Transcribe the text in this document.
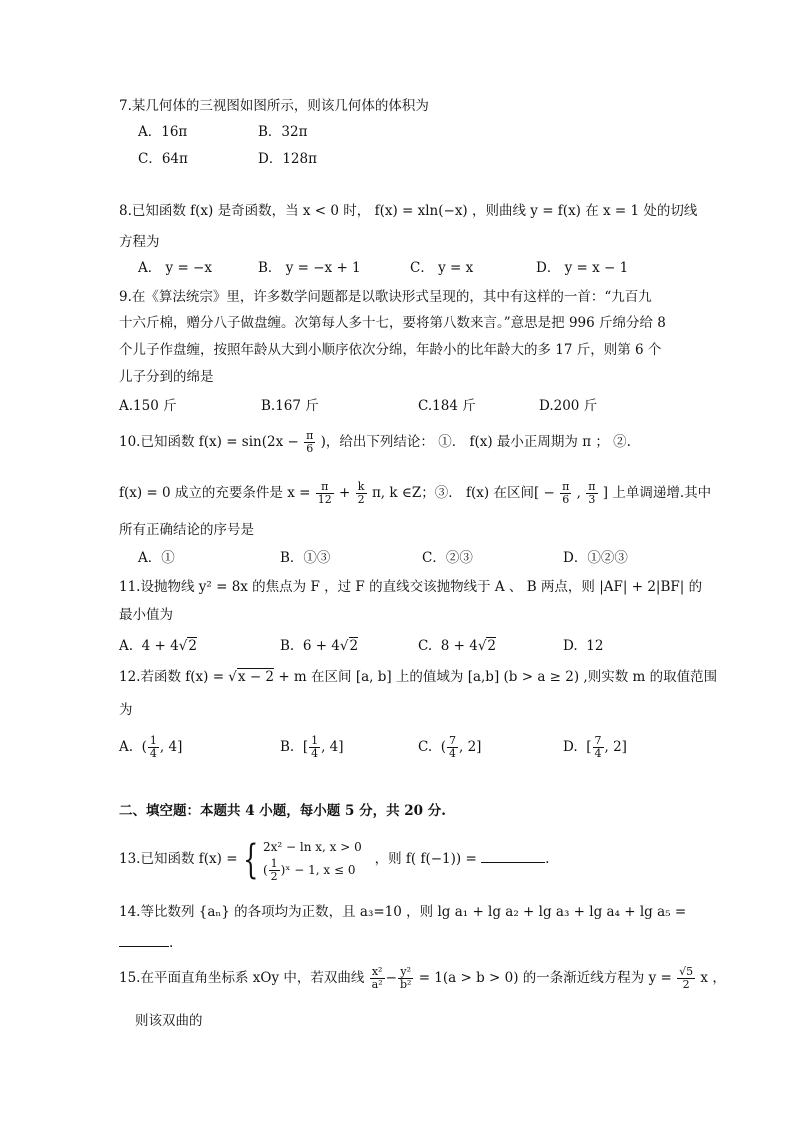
7.某几何体的三视图如图所示，则该几何体的体积为
A．16π	B．32π
C．64π	D．128π
8.已知函数 f(x) 是奇函数，当 x < 0 时， f(x) = xln(−x) ，则曲线 y = f(x) 在 x = 1 处的切线
方程为
A． y = −x	B． y = −x + 1	C． y = x	D． y = x − 1
9.在《算法统宗》里，许多数学问题都是以歌诀形式呈现的，其中有这样的一首：“九百九
十六斤棉，赠分八子做盘缠。次第每人多十七，要将第八数来言。”意思是把 996 斤绵分给 8
个儿子作盘缠，按照年龄从大到小顺序依次分绵，年龄小的比年龄大的多 17 斤，则第 6 个
儿子分到的绵是
A.150 斤	B.167 斤	C.184 斤	D.200 斤
10.已知函数 $f(x) = \sin(2x - \frac{\pi}{6}$ )，给出下列结论： ①． f(x) 最小正周期为 π ； ②.
f(x) = 0 成立的充要条件是 $x = \frac{\pi}{12} + \frac{k}{2} \pi$, k ∈Z；③． f(x) 在区间[ − $\frac{\pi}{6}$ , $\frac{\pi}{3}$ ] 上单调递增.其中
所有正确结论的序号是
A．①	B．①③	C．②③	D．①②③
11.设抛物线 y² = 8x 的焦点为 F ，过 F 的直线交该抛物线于 A 、 B 两点，则 |AF| + 2|BF| 的
最小值为
A. 4 + 4√2	B. 6 + 4√2	C. 8 + 4√2	D. 12
12.若函数 f(x) = √x − 2 + m 在区间 [a, b] 上的值域为 [a,b] (b > a ≥ 2) ,则实数 m 的取值范围
为
A. ( $\frac{1}{4}$ , 4]	B. [ $\frac{1}{4}$ , 4]	C. ( $\frac{7}{4}$ , 2]	D. [ $\frac{7}{4}$ , 2]
二、填空题：本题共 4 小题，每小题 5 分，共 20 分.
13.已知函数 f(x) = { 2x² − ln x, x > 0
( $\frac{1}{2}$ )ˣ − 1, x ≤ 0
，则 f( f(−1)) =	.
14.等比数列 {aₙ} 的各项均为正数，且 a₃=10 ，则 lg a₁ + lg a₂ + lg a₃ + lg a₄ + lg a₅ =
.
15.在平面直角坐标系 xOy 中，若双曲线 $\frac{\text{x²}}{\text{a²}} - \frac{\text{y²}}{\text{b²}} = 1(a > b > 0)$ 的一条渐近线方程为 $y = \frac{√5}{2}$ x ，
则该双曲的
